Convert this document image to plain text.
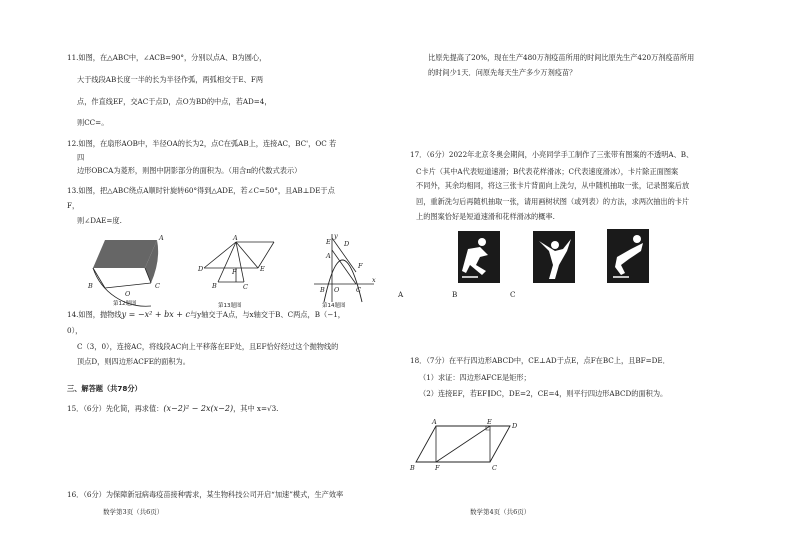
11.如图，在△ABC中，∠ACB=90°，分别以点A、B为圆心，
大于线段AB长度一半的长为半径作弧，两弧相交于E、F两
点，作直线EF，交AC于点D，点O为BD的中点，若AD=4，
则CC=。
12.如图，在扇形AOB中，半径OA的长为2，点C在弧AB上，连接AC，BC'，OC 若
四
边形OBCA为菱形，则图中阴影部分的面积为。（用含π的代数式表示）
13.如图，把△ABC绕点A顺时针旋转60°得到△ADE，若∠C=50°，且AB⊥DE于点
F，
则∠DAE=度.
A
C
B
O
第12题图
A
D	E
F
B	C
第13题图
y
x
D
E
F
A
B	C
O
第14题图
14.如图，抛物线y = −x² + bx + c与y轴交于A点，与x轴交于B、C两点，B（−1，
0），
C（3，0），连接AC，将线段AC向上平移落在EF处，且EF恰好经过这个抛物线的
顶点D，则四边形ACFE的面积为。
三、解答题（共78分）
15．（6分）先化简，再求值：(x−2)² − 2x(x−2)，其中 x=√3.
16．（6分）为保障新冠病毒疫苗接种需求，某生物科技公司开启“加速”模式，生产效率
数学第3页（共6页）
比原先提高了20%，现在生产480万剂疫苗所用的时间比原先生产420万剂疫苗所用
的时间少1天．问原先每天生产多少万剂疫苗？
17．（6分）2022年北京冬奥会期间，小亮同学手工制作了三张带有图案的不透明A、B、
C卡片（其中A代表短道速滑；B代表花样滑冰；C代表速度滑冰），卡片除正面图案
不同外，其余均相同，将这三张卡片背面向上洗匀，从中随机抽取一张，记录图案后放
回，重新洗匀后再随机抽取一张，请用画树状图（或列表）的方法，求两次抽出的卡片
上的图案恰好是短道速滑和花样滑冰的概率.
A	B	C
18．（7分）在平行四边形ABCD中，CE⊥AD于点E，点F在BC上，且BF=DE．
（1）求证：四边形AFCE是矩形；
（2）连接EF，若EF∥DC，DE=2，CE=4，则平行四边形ABCD的面积为。
A	E	D
B	F	C
数学第4页（共6页）
